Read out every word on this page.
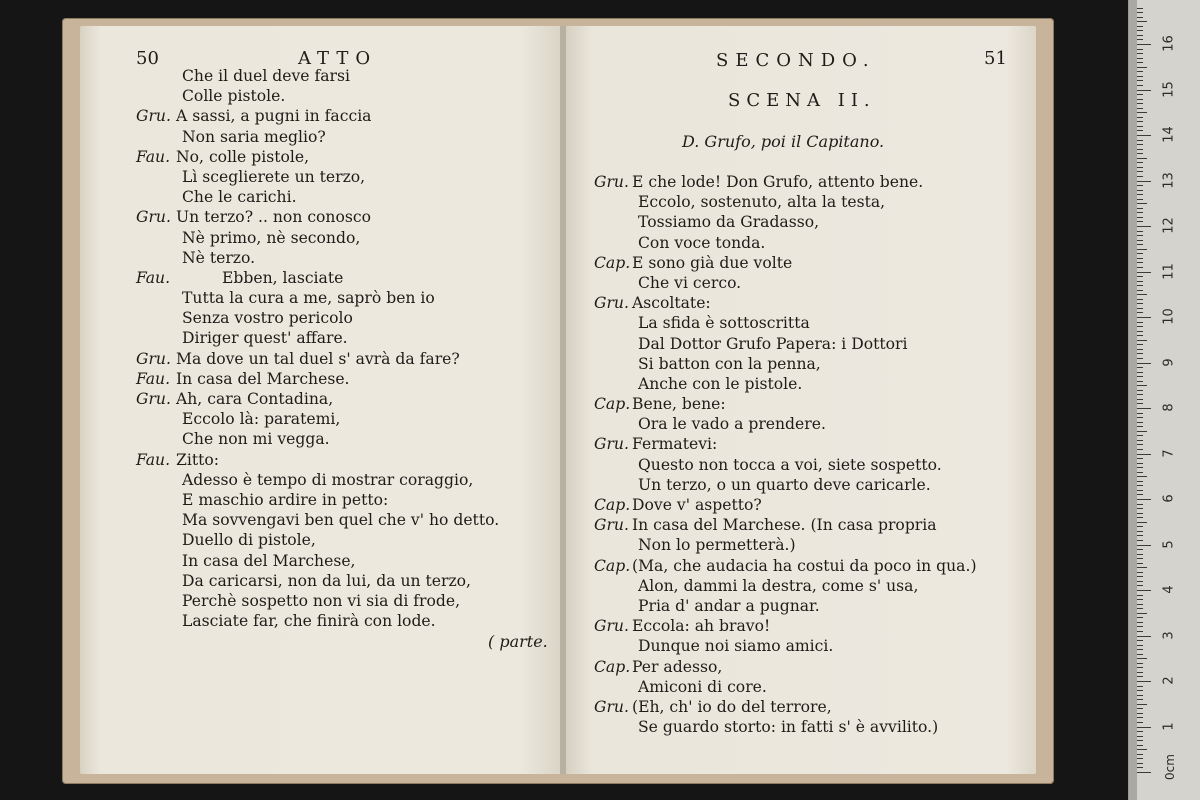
50	ATTO
Che il duel deve farsi
Colle pistole.
Gru. A sassi, a pugni in faccia
Non saria meglio?
Fau. No, colle pistole,
Lì sceglierete un terzo,
Che le carichi.
Gru. Un terzo? .. non conosco
Nè primo, nè secondo,
Nè terzo.
Fau.	Ebben, lasciate
Tutta la cura a me, saprò ben io
Senza vostro pericolo
Diriger quest' affare.
Gru. Ma dove un tal duel s' avrà da fare?
Fau. In casa del Marchese.
Gru. Ah, cara Contadina,
Eccolo là: paratemi,
Che non mi vegga.
Fau. Zitto:
Adesso è tempo di mostrar coraggio,
E maschio ardire in petto:
Ma sovvengavi ben quel che v' ho detto.
Duello di pistole,
In casa del Marchese,
Da caricarsi, non da lui, da un terzo,
Perchè sospetto non vi sia di frode,
Lasciate far, che finirà con lode.
( parte.
SECONDO.	51
SCENA II.
D. Grufo, poi il Capitano.
Gru. E che lode! Don Grufo, attento bene.
Eccolo, sostenuto, alta la testa,
Tossiamo da Gradasso,
Con voce tonda.
Cap. E sono già due volte
Che vi cerco.
Gru. Ascoltate:
La sfida è sottoscritta
Dal Dottor Grufo Papera: i Dottori
Si batton con la penna,
Anche con le pistole.
Cap. Bene, bene:
Ora le vado a prendere.
Gru. Fermatevi:
Questo non tocca a voi, siete sospetto.
Un terzo, o un quarto deve caricarle.
Cap. Dove v' aspetto?
Gru. In casa del Marchese. (In casa propria
Non lo permetterà.)
Cap. (Ma, che audacia ha costui da poco in qua.)
Alon, dammi la destra, come s' usa,
Pria d' andar a pugnar.
Gru. Eccola: ah bravo!
Dunque noi siamo amici.
Cap. Per adesso,
Amiconi di core.
Gru. (Eh, ch' io do del terrore,
Se guardo storto: in fatti s' è avvilito.)
0cm
1
2
3
4
5
6
7
8
9
10
11
12
13
14
15
16
